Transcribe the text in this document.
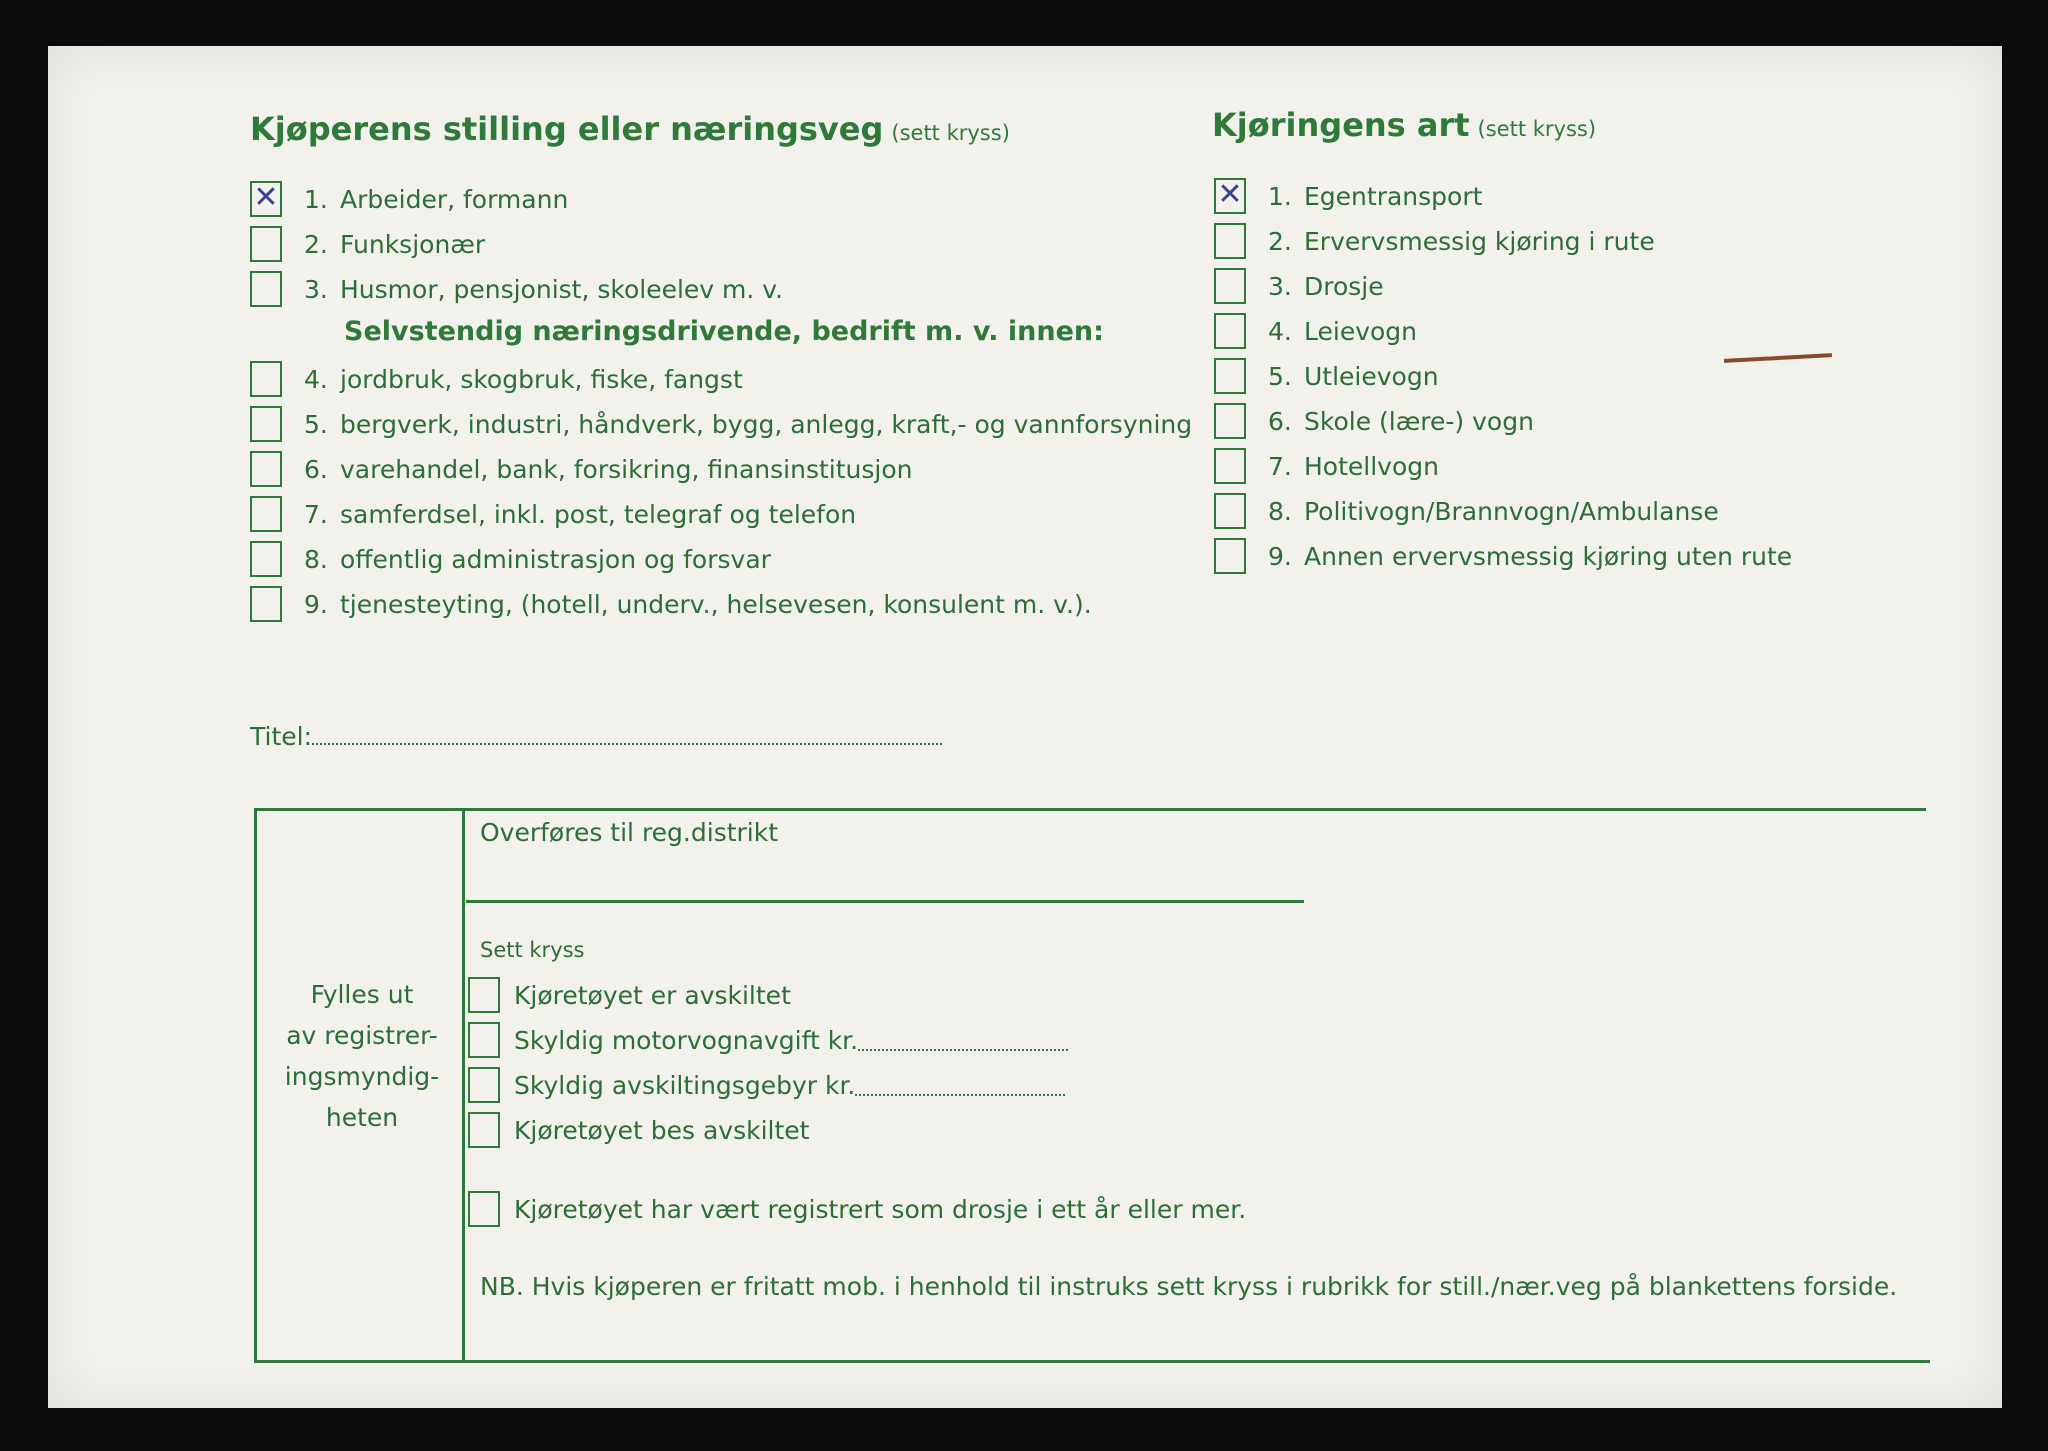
Kjøperens stilling eller næringsveg (sett kryss)
✕ 1. Arbeider, formann
2. Funksjonær
3. Husmor, pensjonist, skoleelev m. v.
Selvstendig næringsdrivende, bedrift m. v. innen:
4. jordbruk, skogbruk, fiske, fangst
5. bergverk, industri, håndverk, bygg, anlegg, kraft,- og vannforsyning
6. varehandel, bank, forsikring, finansinstitusjon
7. samferdsel, inkl. post, telegraf og telefon
8. offentlig administrasjon og forsvar
9. tjenesteyting, (hotell, underv., helsevesen, konsulent m. v.).
Titel:
Kjøringens art (sett kryss)
✕ 1. Egentransport
2. Ervervsmessig kjøring i rute
3. Drosje
4. Leievogn
5. Utleievogn
6. Skole (lære-) vogn
7. Hotellvogn
8. Politivogn/Brannvogn/Ambulanse
9. Annen ervervsmessig kjøring uten rute
Fylles ut
av registrer-
ingsmyndig-
heten
Overføres til reg.distrikt
Sett kryss
Kjøretøyet er avskiltet
Skyldig motorvognavgift kr.
Skyldig avskiltingsgebyr kr.
Kjøretøyet bes avskiltet
Kjøretøyet har vært registrert som drosje i ett år eller mer.
NB. Hvis kjøperen er fritatt mob. i henhold til instruks sett kryss i rubrikk for still./nær.veg på blankettens forside.
